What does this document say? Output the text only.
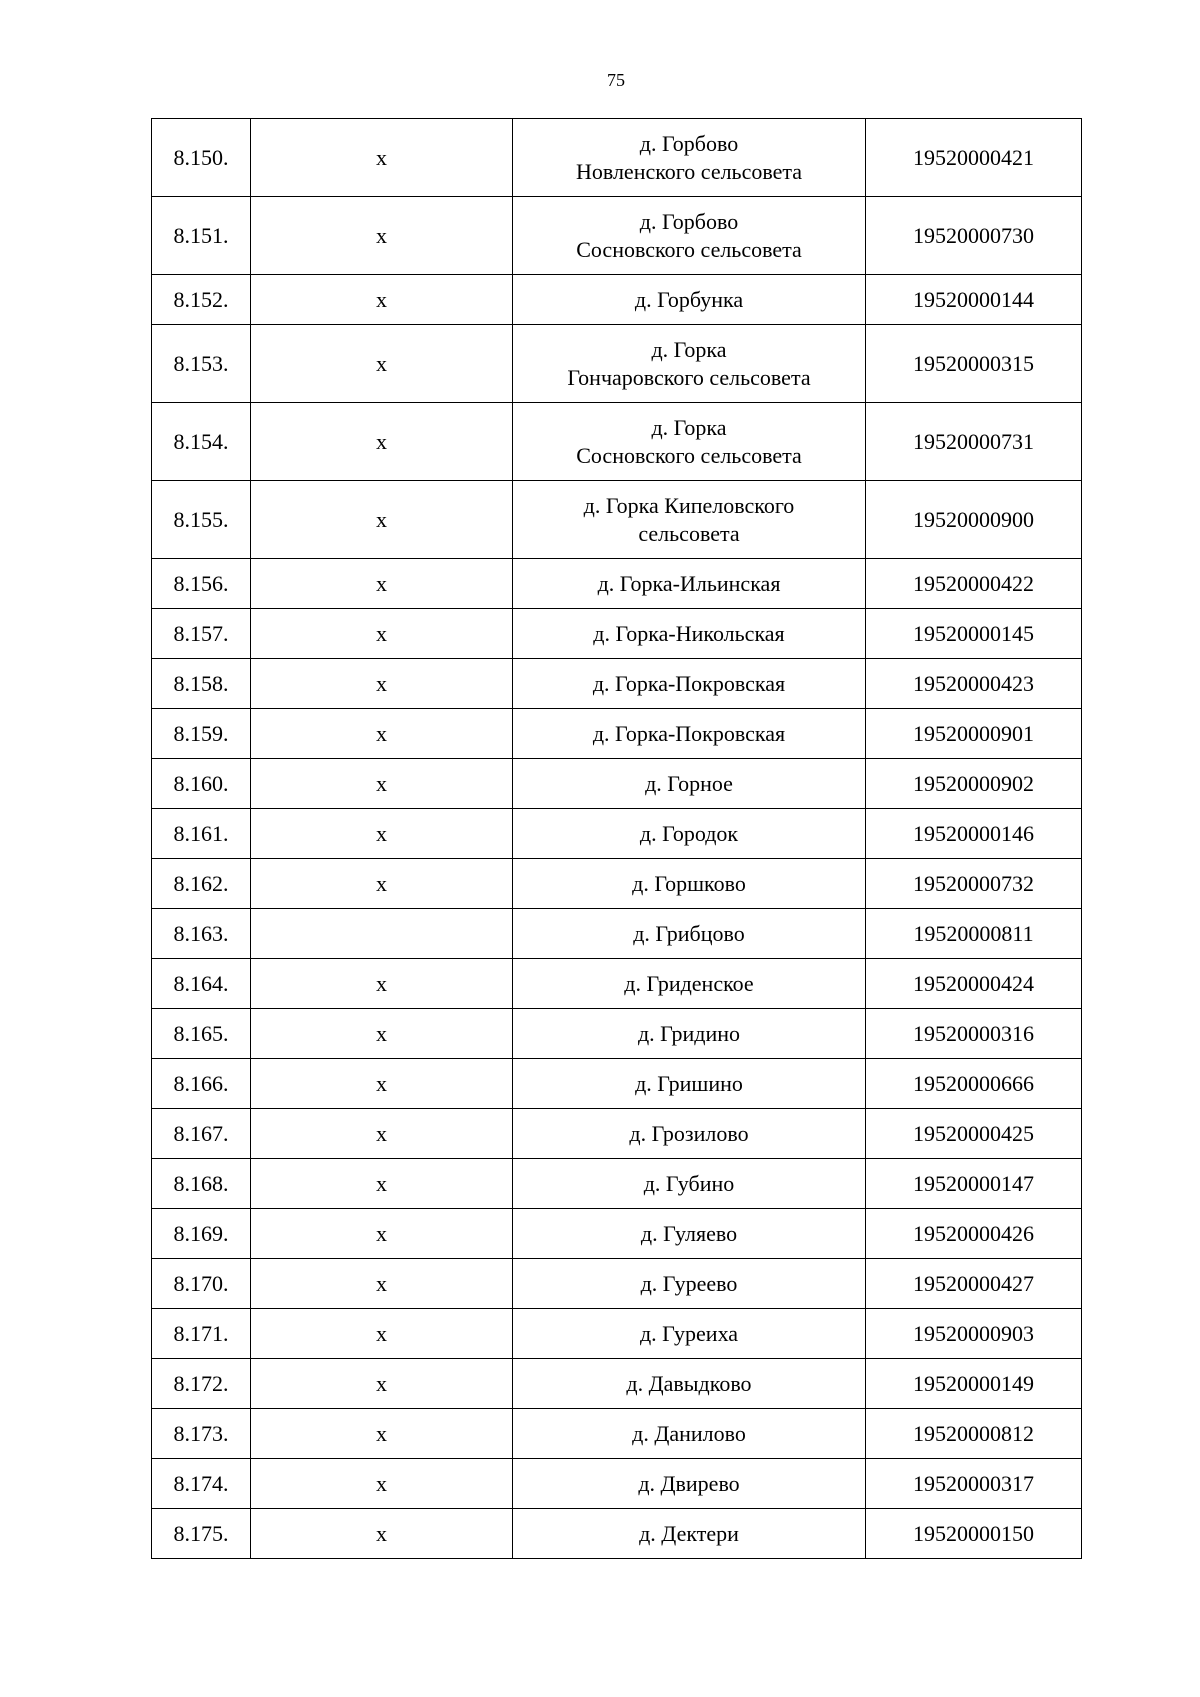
75
8.150.	х	д. Горбово
Новленского сельсовета	19520000421
8.151.	х	д. Горбово
Сосновского сельсовета	19520000730
8.152.	х	д. Горбунка	19520000144
8.153.	х	д. Горка
Гончаровского сельсовета	19520000315
8.154.	х	д. Горка
Сосновского сельсовета	19520000731
8.155.	х	д. Горка Кипеловского
сельсовета	19520000900
8.156.	х	д. Горка-Ильинская	19520000422
8.157.	х	д. Горка-Никольская	19520000145
8.158.	х	д. Горка-Покровская	19520000423
8.159.	х	д. Горка-Покровская	19520000901
8.160.	х	д. Горное	19520000902
8.161.	х	д. Городок	19520000146
8.162.	х	д. Горшково	19520000732
8.163.		д. Грибцово	19520000811
8.164.	х	д. Гриденское	19520000424
8.165.	х	д. Гридино	19520000316
8.166.	х	д. Гришино	19520000666
8.167.	х	д. Грозилово	19520000425
8.168.	х	д. Губино	19520000147
8.169.	х	д. Гуляево	19520000426
8.170.	х	д. Гуреево	19520000427
8.171.	х	д. Гуреиха	19520000903
8.172.	х	д. Давыдково	19520000149
8.173.	х	д. Данилово	19520000812
8.174.	х	д. Двирево	19520000317
8.175.	х	д. Дектери	19520000150
